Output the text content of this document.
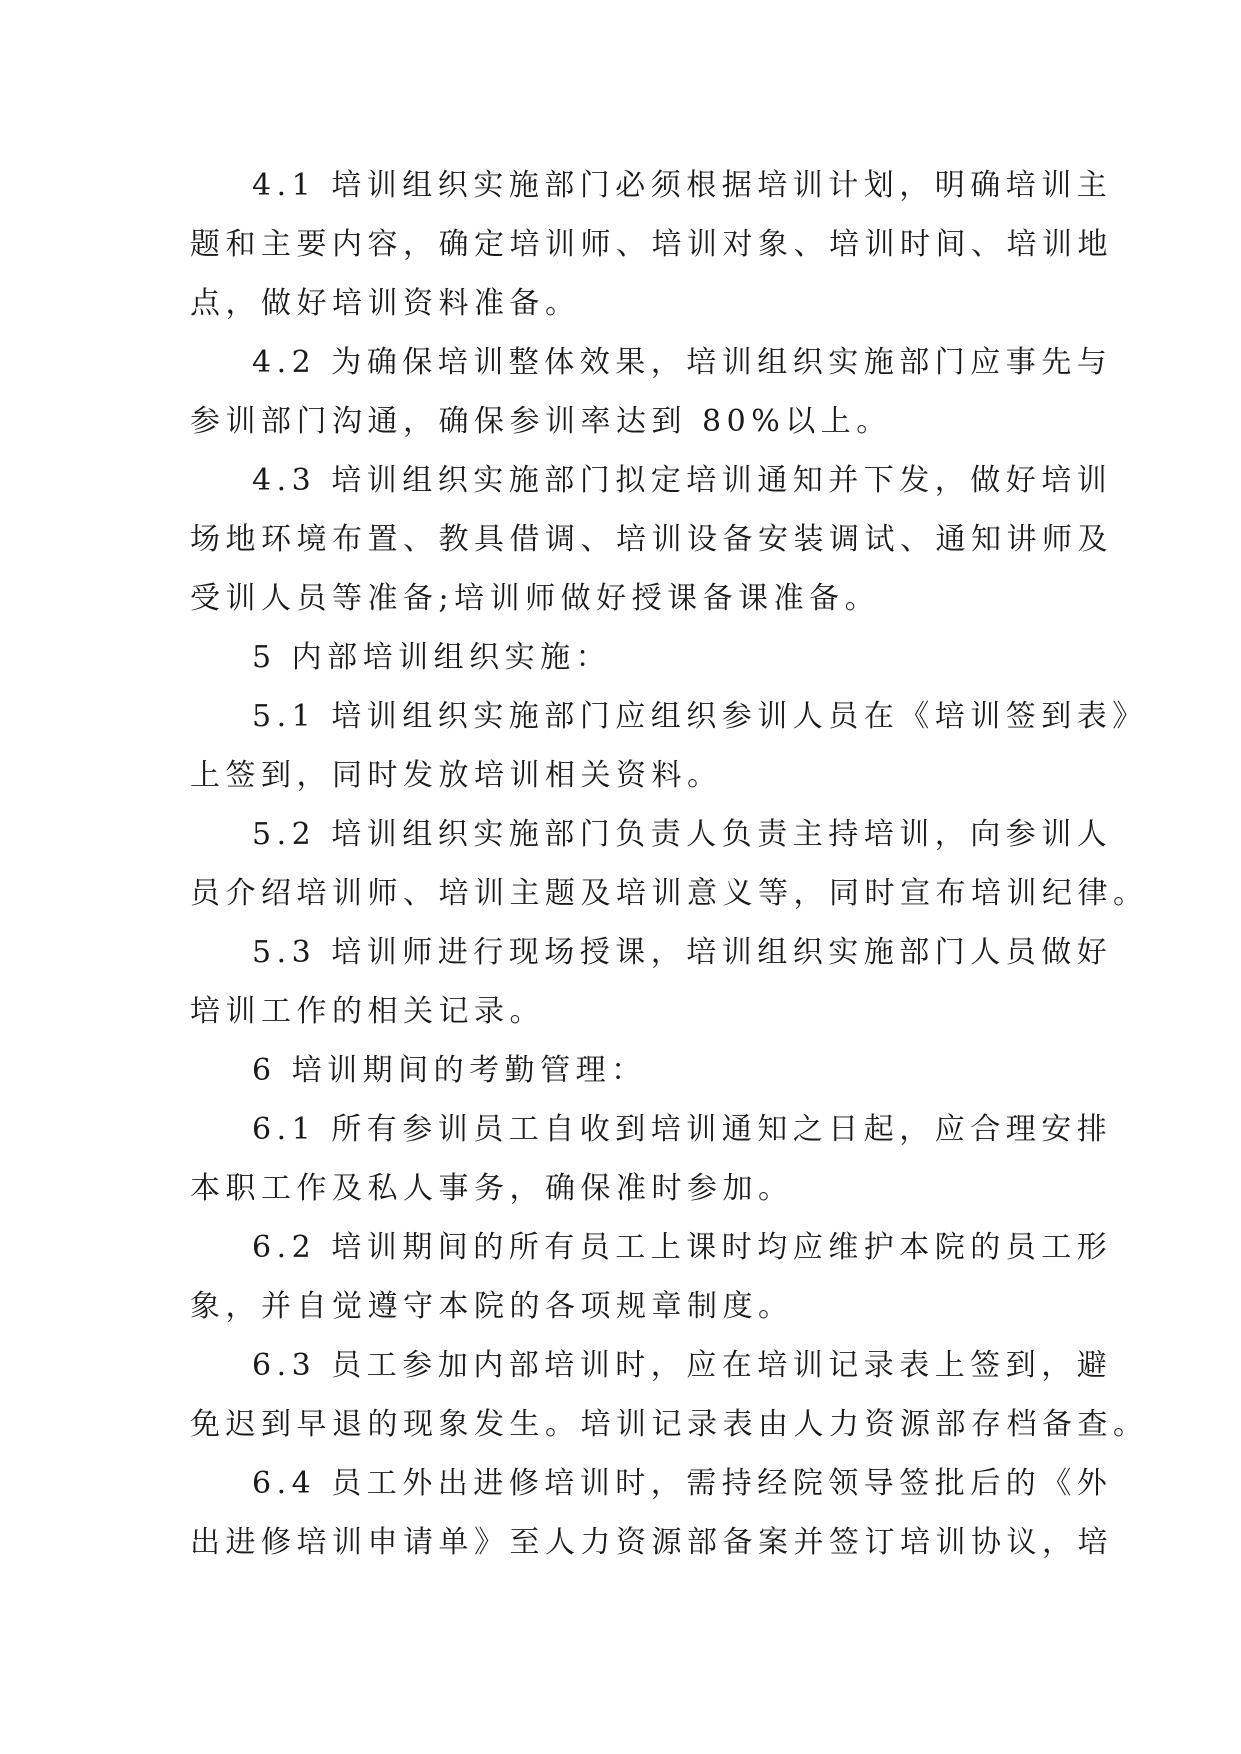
4.1 培训组织实施部门必须根据培训计划，明确培训主
题和主要内容，确定培训师、培训对象、培训时间、培训地
点，做好培训资料准备。
4.2 为确保培训整体效果，培训组织实施部门应事先与
参训部门沟通，确保参训率达到 80%以上。
4.3 培训组织实施部门拟定培训通知并下发，做好培训
场地环境布置、教具借调、培训设备安装调试、通知讲师及
受训人员等准备;培训师做好授课备课准备。
5 内部培训组织实施：
5.1 培训组织实施部门应组织参训人员在《培训签到表》
上签到，同时发放培训相关资料。
5.2 培训组织实施部门负责人负责主持培训，向参训人
员介绍培训师、培训主题及培训意义等，同时宣布培训纪律。
5.3 培训师进行现场授课，培训组织实施部门人员做好
培训工作的相关记录。
6 培训期间的考勤管理：
6.1 所有参训员工自收到培训通知之日起，应合理安排
本职工作及私人事务，确保准时参加。
6.2 培训期间的所有员工上课时均应维护本院的员工形
象，并自觉遵守本院的各项规章制度。
6.3 员工参加内部培训时，应在培训记录表上签到，避
免迟到早退的现象发生。培训记录表由人力资源部存档备查。
6.4 员工外出进修培训时，需持经院领导签批后的《外
出进修培训申请单》至人力资源部备案并签订培训协议，培
